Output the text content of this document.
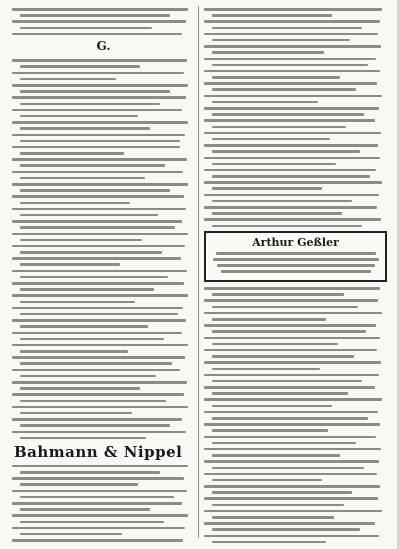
G.
Bahmann & Nippel
Arthur Geßler
